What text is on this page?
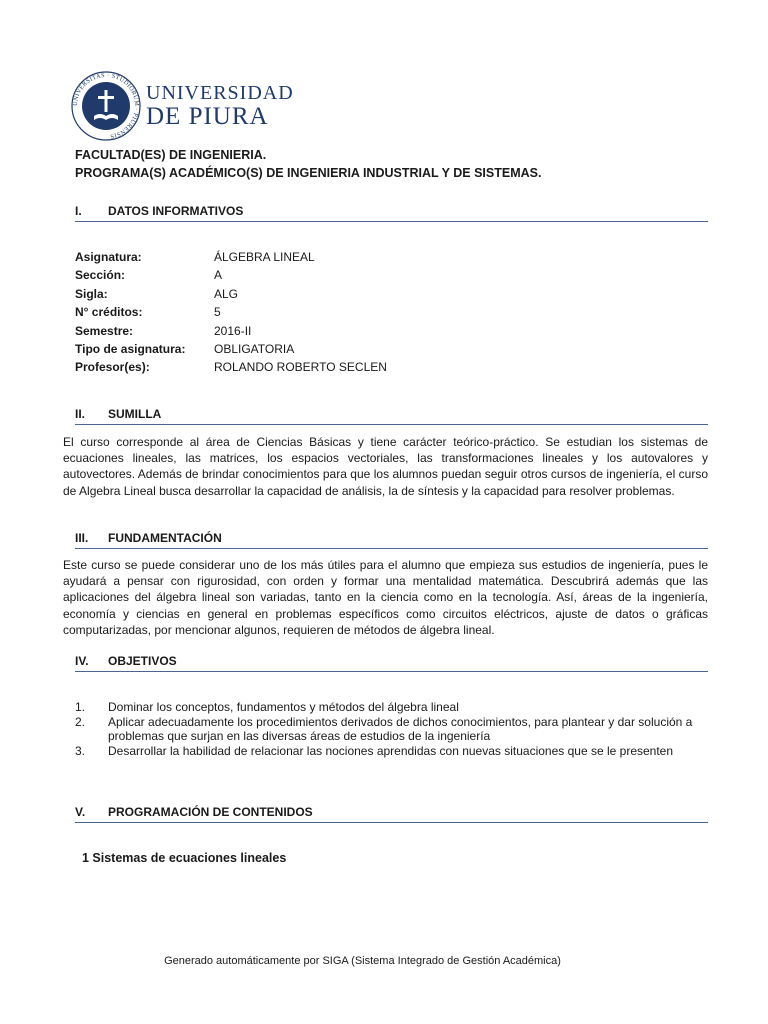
UNIVERSITAS · STUDIORUM · PIURENSIS
UNIVERSIDAD
DE PIURA
FACULTAD(ES) DE INGENIERIA.
PROGRAMA(S) ACADÉMICO(S) DE INGENIERIA INDUSTRIAL Y DE SISTEMAS.
I. DATOS INFORMATIVOS
Asignatura:	ÁLGEBRA LINEAL
Sección:	A
Sigla:	ALG
N° créditos:	5
Semestre:	2016-II
Tipo de asignatura: OBLIGATORIA
Profesor(es):	ROLANDO ROBERTO SECLEN
II. SUMILLA
El curso corresponde al área de Ciencias Básicas y tiene carácter teórico-práctico. Se estudian los sistemas de ecuaciones lineales, las matrices, los espacios vectoriales, las transformaciones lineales y los autovalores y autovectores. Además de brindar conocimientos para que los alumnos puedan seguir otros cursos de ingeniería, el curso de Algebra Lineal busca desarrollar la capacidad de análisis, la de síntesis y la capacidad para resolver problemas.
III. FUNDAMENTACIÓN
Este curso se puede considerar uno de los más útiles para el alumno que empieza sus estudios de ingeniería, pues le ayudará a pensar con rigurosidad, con orden y formar una mentalidad matemática. Descubrirá además que las aplicaciones del álgebra lineal son variadas, tanto en la ciencia como en la tecnología. Así, áreas de la ingeniería, economía y ciencias en general en problemas específicos como circuitos eléctricos, ajuste de datos o gráficas computarizadas, por mencionar algunos, requieren de métodos de álgebra lineal.
IV. OBJETIVOS
1. Dominar los conceptos, fundamentos y métodos del álgebra lineal
2. Aplicar adecuadamente los procedimientos derivados de dichos conocimientos, para plantear y dar solución a problemas que surjan en las diversas áreas de estudios de la ingeniería
3. Desarrollar la habilidad de relacionar las nociones aprendidas con nuevas situaciones que se le presenten
V. PROGRAMACIÓN DE CONTENIDOS
1 Sistemas de ecuaciones lineales
Generado automáticamente por SIGA (Sistema Integrado de Gestión Académica)
